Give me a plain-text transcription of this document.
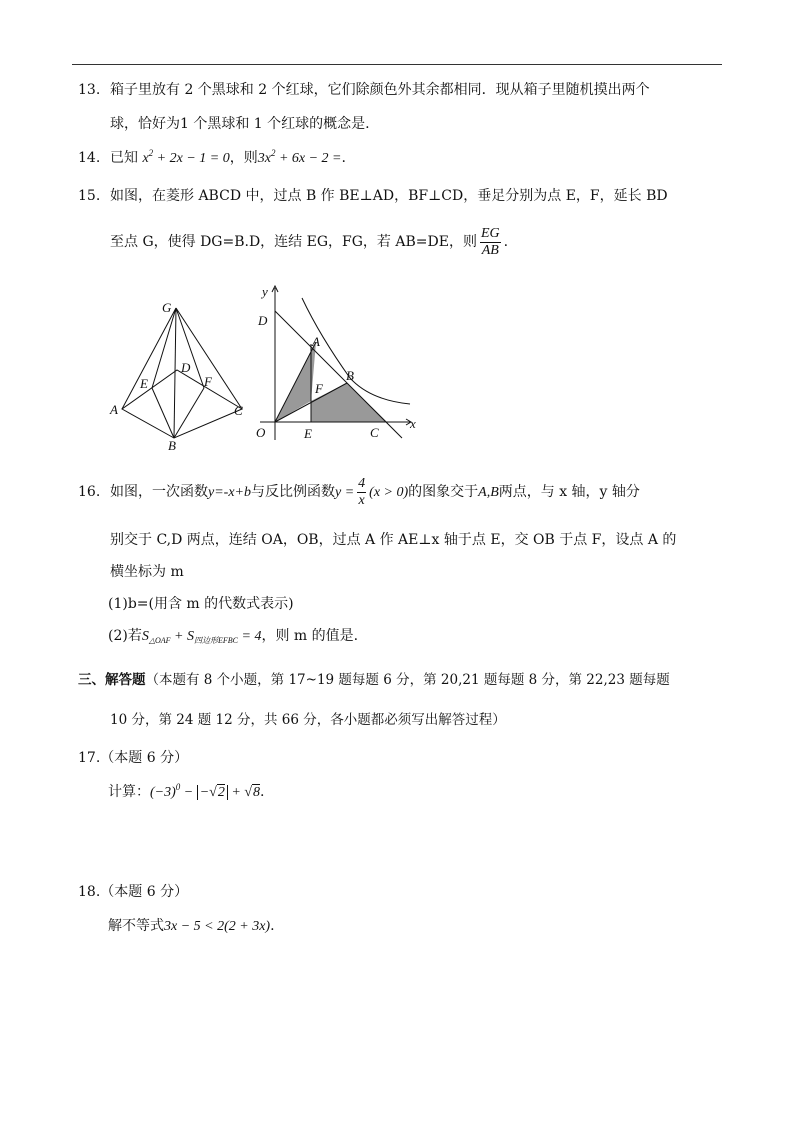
13. 箱子里放有 2 个黑球和 2 个红球，它们除颜色外其余都相同．现从箱子里随机摸出两个
球，恰好为1 个黑球和 1 个红球的概念是.
14. 已知 $x^2 + 2x - 1 = 0$，则$3x^2 + 6x - 2$ =.
15. 如图，在菱形 ABCD 中，过点 B 作 BE⊥AD，BF⊥CD，垂足分别为点 E，F，延长 BD
至点 G，使得 DG=B.D，连结 EG，FG，若 AB=DE，则 $\frac{EG}{AB}$ .
G
D
E	F
A	C
B
y
D
A
B
F
O	E	C
x
16. 如图，一次函数y=-x+b与反比例函数$y = \frac{4}{x} (x > 0)$的图象交于A,B两点，与 x 轴，y 轴分
别交于 C,D 两点，连结 OA，OB，过点 A 作 AE⊥x 轴于点 E，交 OB 于点 F，设点 A 的
横坐标为 m
(1)b=(用含 m 的代数式表示)
(2)若$S_{\triangle OAF} + S_{四边形EFBC} = 4$，则 m 的值是.
三、解答题（本题有 8 个小题，第 17~19 题每题 6 分，第 20,21 题每题 8 分，第 22,23 题每题
10 分，第 24 题 12 分，共 66 分，各小题都必须写出解答过程）
17.（本题 6 分）
计算：$(-3)^0 - -√2 + √8$.
18.（本题 6 分）
解不等式3x − 5 < 2(2 + 3x).
